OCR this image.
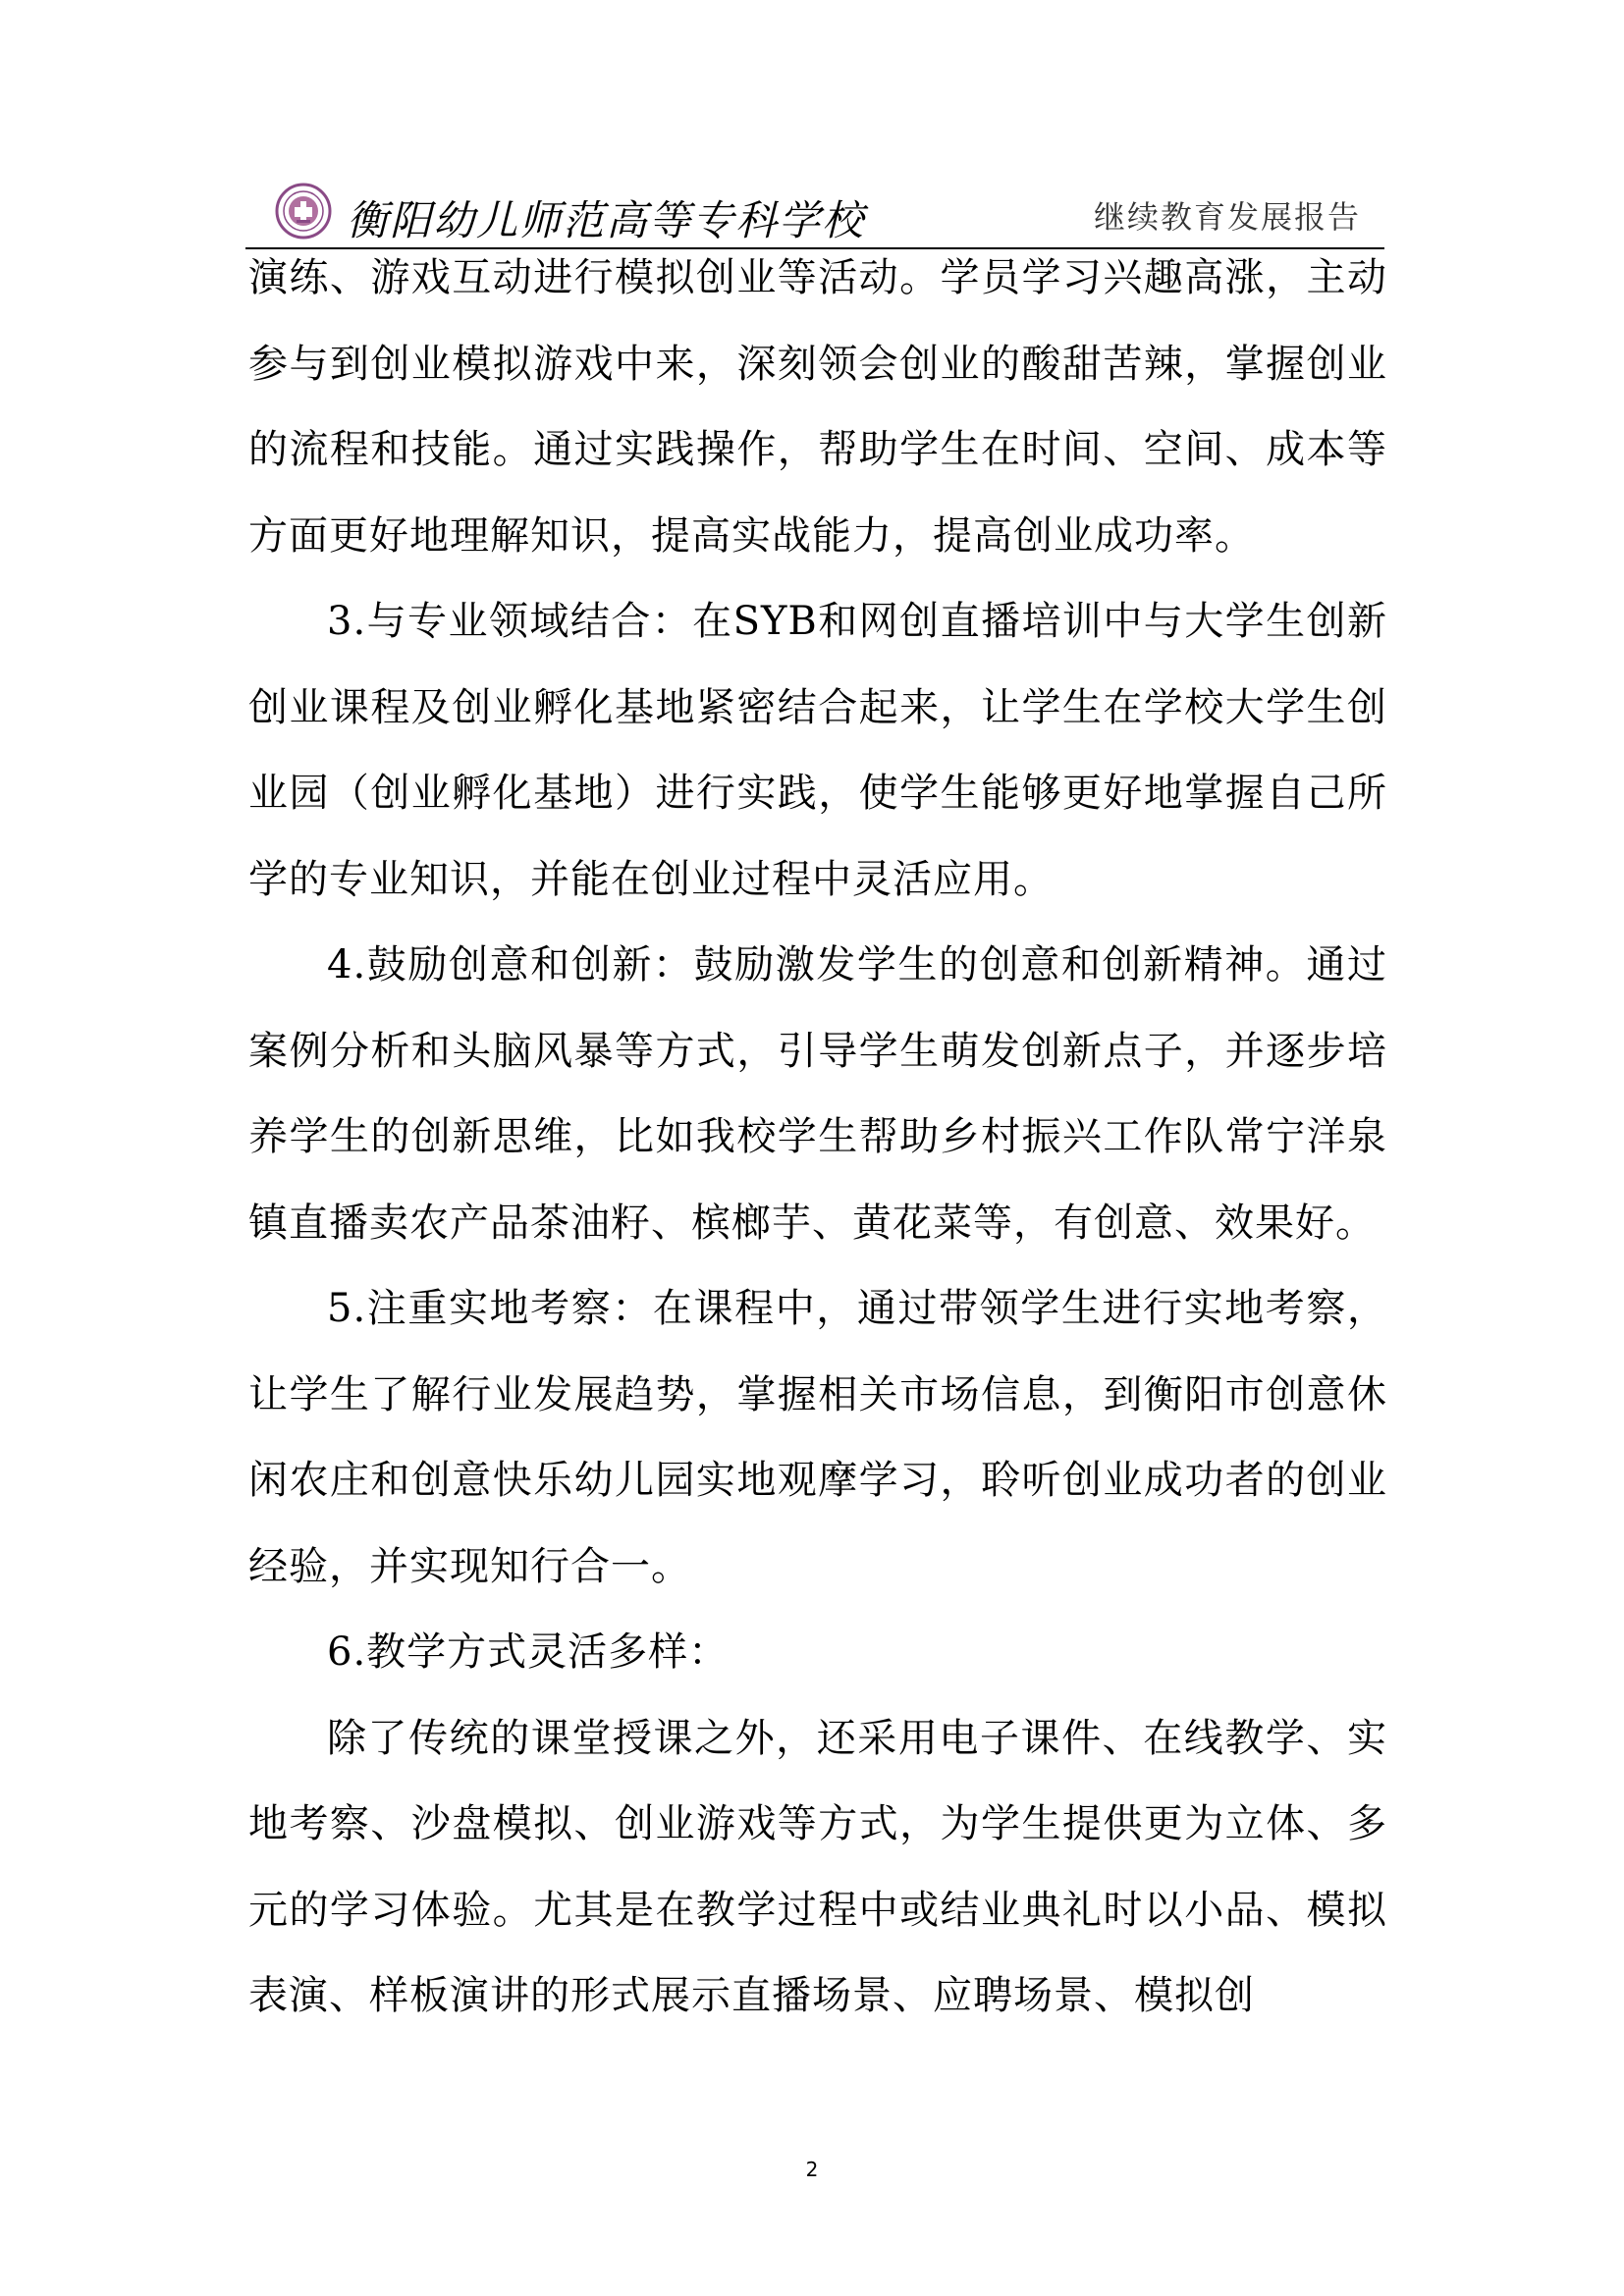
衡阳幼儿师范高等专科学校	继续教育发展报告

演练、游戏互动进行模拟创业等活动。学员学习兴趣高涨，主动参与到创业模拟游戏中来，深刻领会创业的酸甜苦辣，掌握创业的流程和技能。通过实践操作，帮助学生在时间、空间、成本等方面更好地理解知识，提高实战能力，提高创业成功率。

3.与专业领域结合：在SYB和网创直播培训中与大学生创新创业课程及创业孵化基地紧密结合起来，让学生在学校大学生创业园（创业孵化基地）进行实践，使学生能够更好地掌握自己所学的专业知识，并能在创业过程中灵活应用。

4.鼓励创意和创新：鼓励激发学生的创意和创新精神。通过案例分析和头脑风暴等方式，引导学生萌发创新点子，并逐步培养学生的创新思维，比如我校学生帮助乡村振兴工作队常宁洋泉镇直播卖农产品茶油籽、槟榔芋、黄花菜等，有创意、效果好。

5.注重实地考察：在课程中，通过带领学生进行实地考察，让学生了解行业发展趋势，掌握相关市场信息，到衡阳市创意休闲农庄和创意快乐幼儿园实地观摩学习，聆听创业成功者的创业经验，并实现知行合一。

6.教学方式灵活多样：

除了传统的课堂授课之外，还采用电子课件、在线教学、实地考察、沙盘模拟、创业游戏等方式，为学生提供更为立体、多元的学习体验。尤其是在教学过程中或结业典礼时以小品、模拟表演、样板演讲的形式展示直播场景、应聘场景、模拟创

2
